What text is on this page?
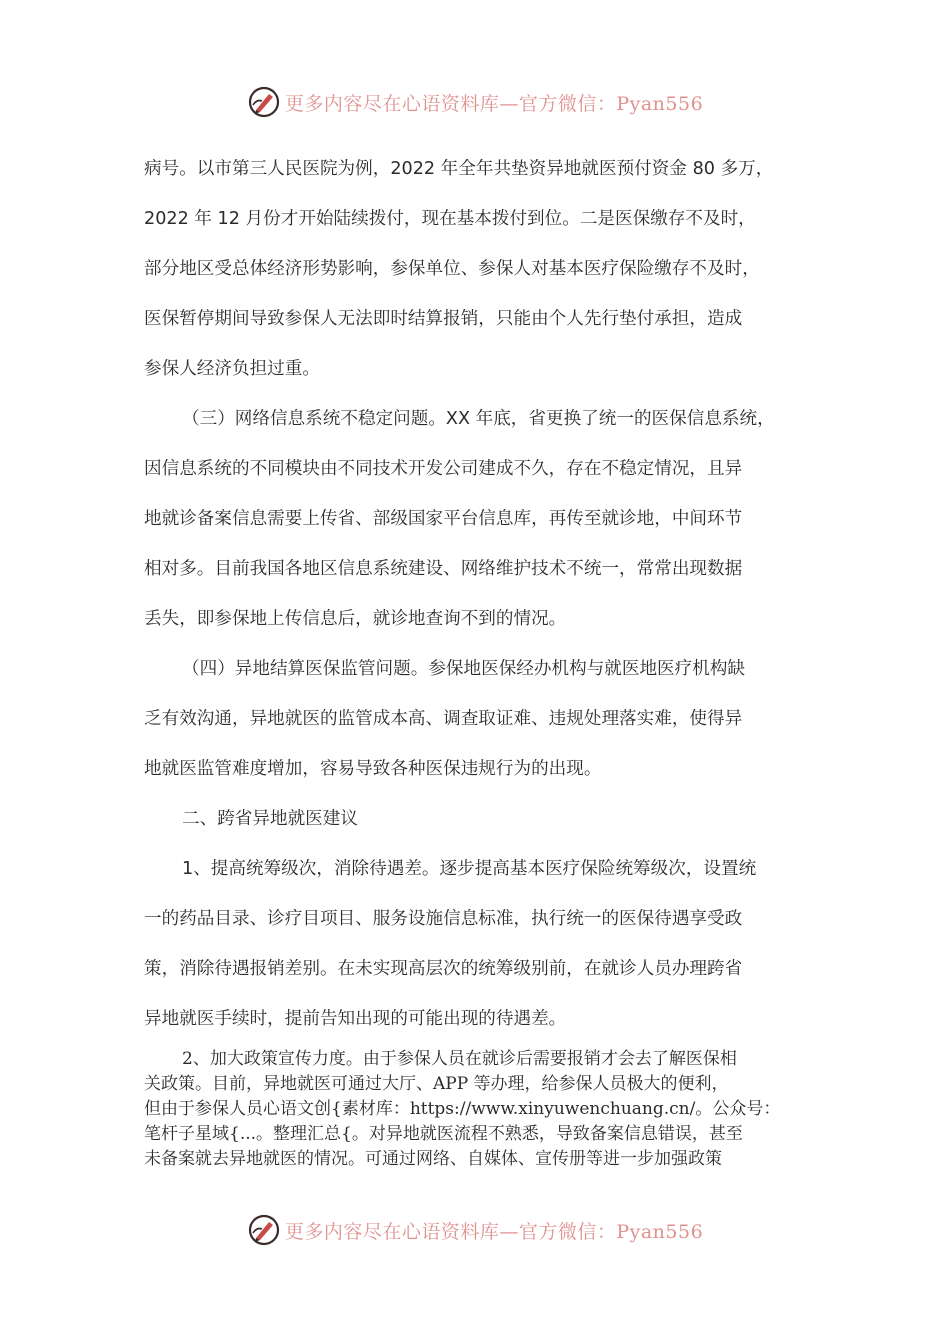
更多内容尽在心语资料库—官方微信：Pyan556

病号。以市第三人民医院为例，2022 年全年共垫资异地就医预付资金 80 多万，

2022 年 12 月份才开始陆续拨付，现在基本拨付到位。二是医保缴存不及时，

部分地区受总体经济形势影响，参保单位、参保人对基本医疗保险缴存不及时，

医保暂停期间导致参保人无法即时结算报销，只能由个人先行垫付承担，造成

参保人经济负担过重。

（三）网络信息系统不稳定问题。XX 年底，省更换了统一的医保信息系统，

因信息系统的不同模块由不同技术开发公司建成不久，存在不稳定情况，且异

地就诊备案信息需要上传省、部级国家平台信息库，再传至就诊地，中间环节

相对多。目前我国各地区信息系统建设、网络维护技术不统一，常常出现数据

丢失，即参保地上传信息后，就诊地查询不到的情况。

（四）异地结算医保监管问题。参保地医保经办机构与就医地医疗机构缺

乏有效沟通，异地就医的监管成本高、调查取证难、违规处理落实难，使得异

地就医监管难度增加，容易导致各种医保违规行为的出现。

二、跨省异地就医建议

1、提高统筹级次，消除待遇差。逐步提高基本医疗保险统筹级次，设置统

一的药品目录、诊疗目项目、服务设施信息标准，执行统一的医保待遇享受政

策，消除待遇报销差别。在未实现高层次的统筹级别前，在就诊人员办理跨省

异地就医手续时，提前告知出现的可能出现的待遇差。

2、加大政策宣传力度。由于参保人员在就诊后需要报销才会去了解医保相

关政策。目前，异地就医可通过大厅、APP 等办理，给参保人员极大的便利，

但由于参保人员心语文创{素材库：https://www.xinyuwenchuang.cn/。公众号：

笔杆子星域{...。整理汇总{。对异地就医流程不熟悉，导致备案信息错误，甚至

未备案就去异地就医的情况。可通过网络、自媒体、宣传册等进一步加强政策

更多内容尽在心语资料库—官方微信：Pyan556
